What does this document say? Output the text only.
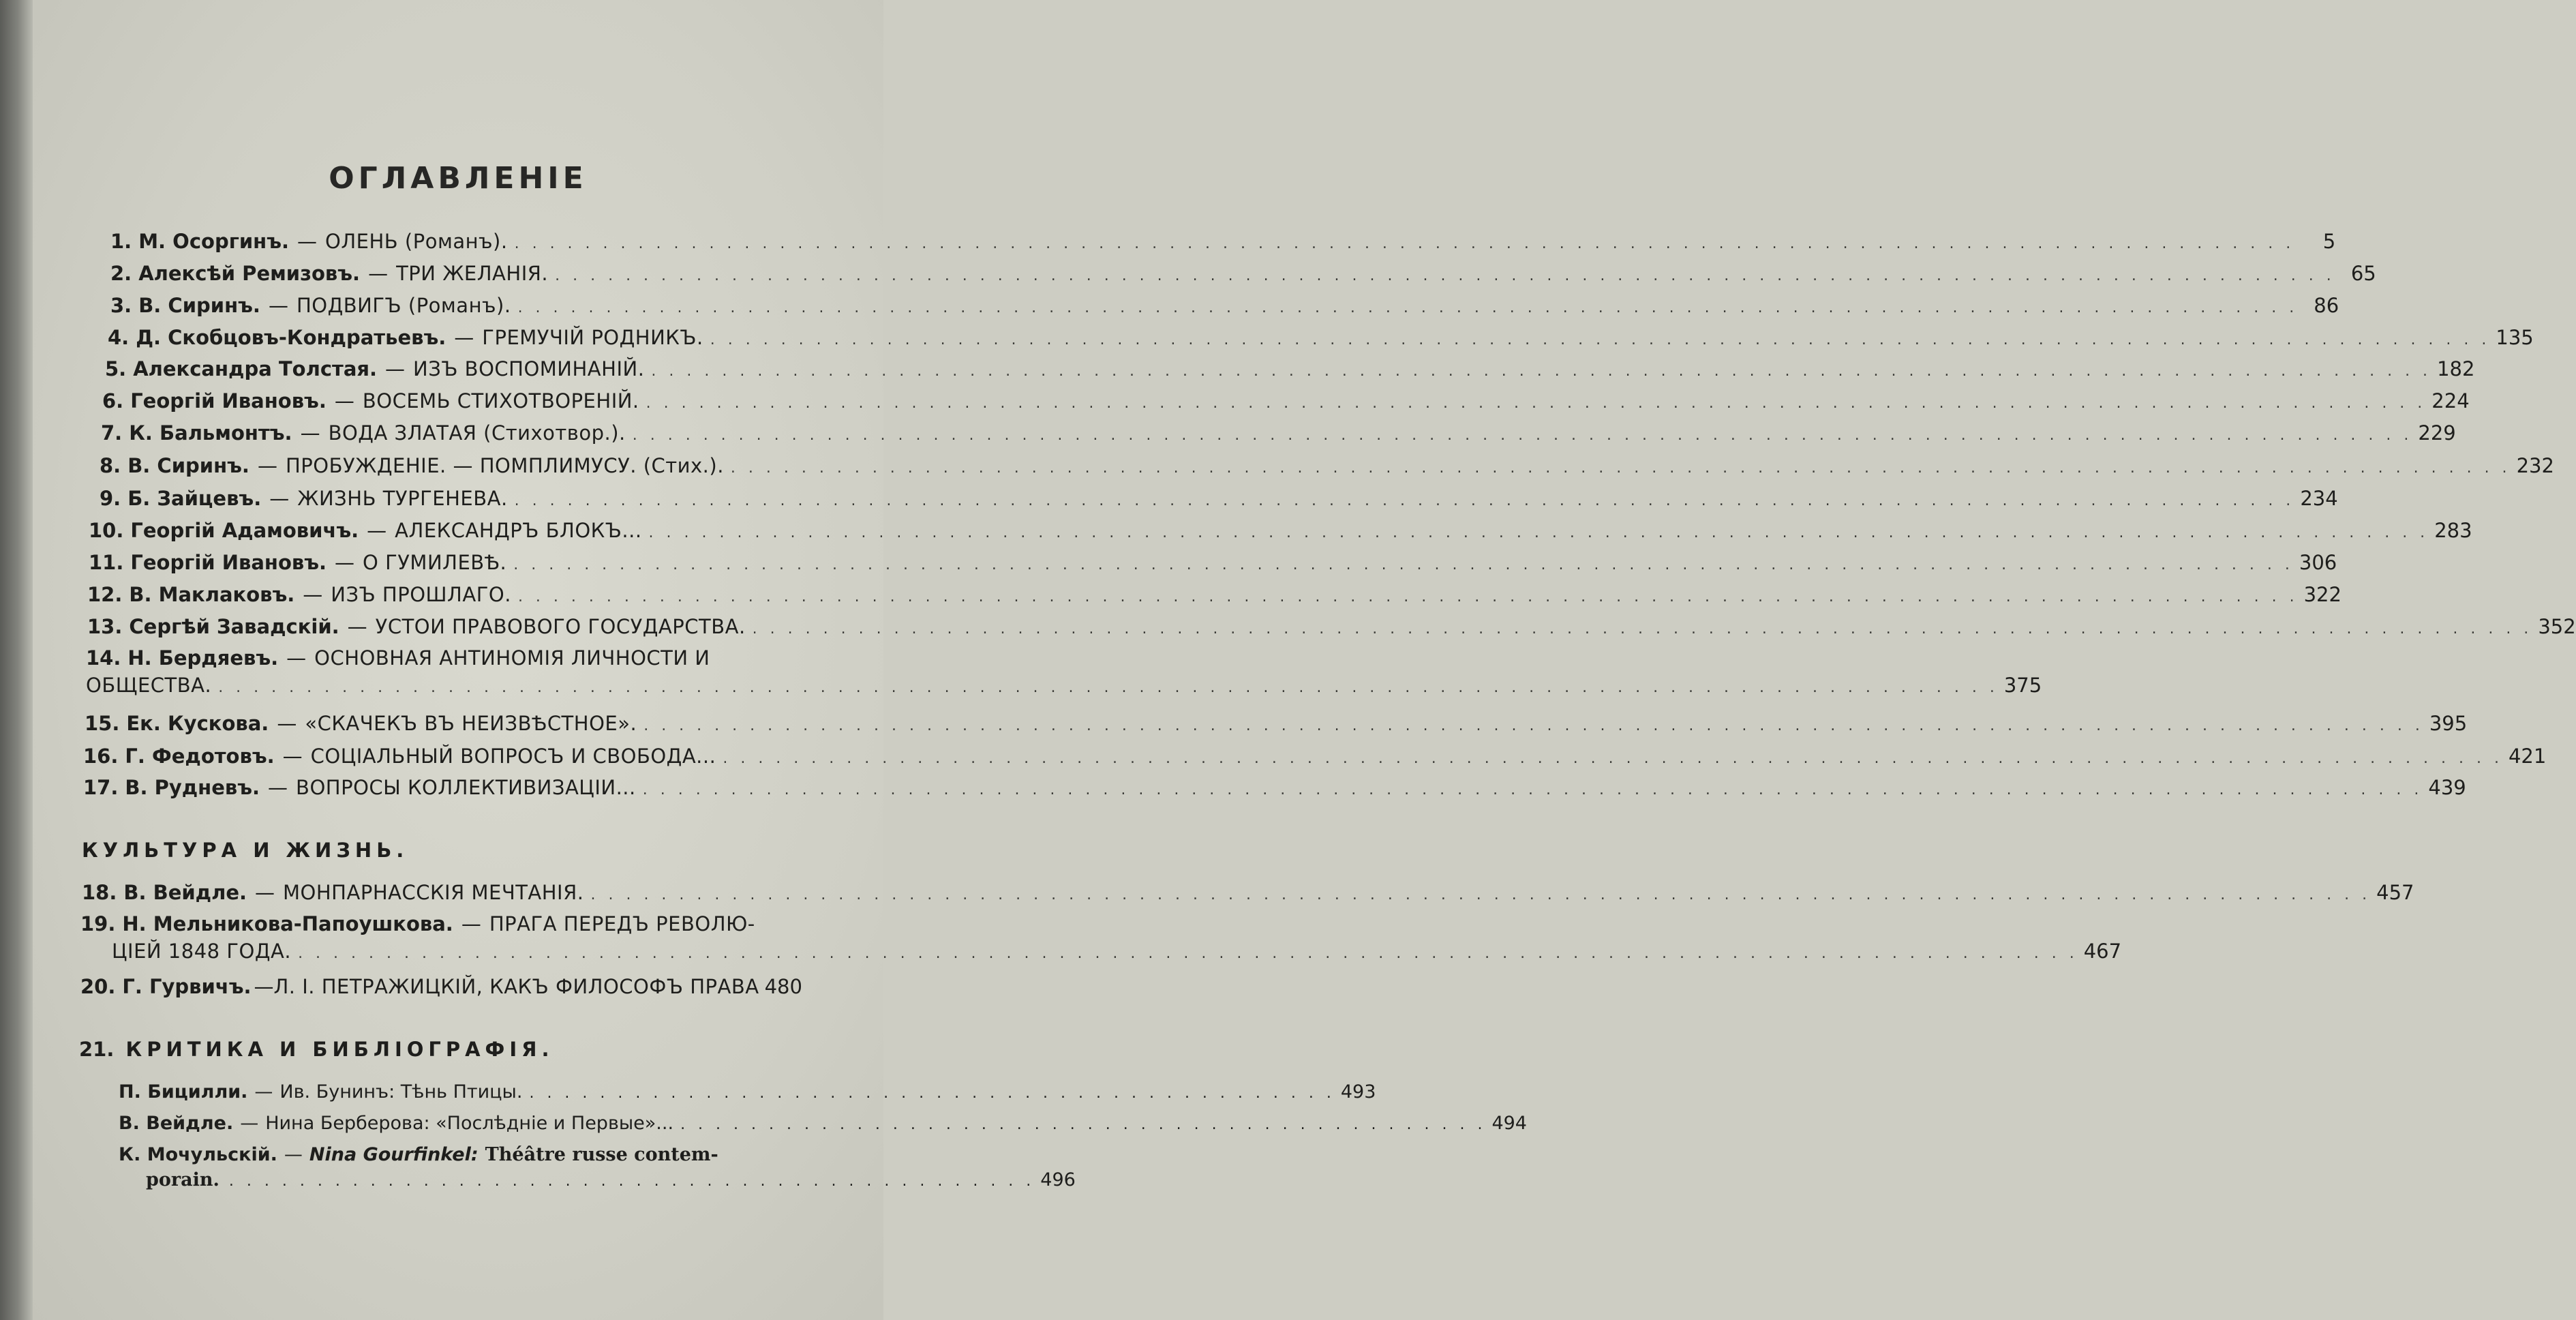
ОГЛАВЛЕНІЕ
1. М. Осоргинъ. — ОЛЕНЬ (Романъ). . . .	5
2. Алексѣй Ремизовъ. — ТРИ ЖЕЛАНІЯ. . . .	65
3. В. Сиринъ. — ПОДВИГЪ (Романъ). . . .	86
4. Д. Скобцовъ-Кондратьевъ. — ГРЕМУЧІЙ РОДНИКЪ. . . .	135
5. Александра Толстая. — ИЗЪ ВОСПОМИНАНІЙ. . . .	182
6. Георгій Ивановъ. — ВОСЕМЬ СТИХОТВОРЕНІЙ. . . .	224
7. К. Бальмонтъ. — ВОДА ЗЛАТАЯ (Стихотвор.). . . .	229
8. В. Сиринъ. — ПРОБУЖДЕНІЕ. — ПОМПЛИМУСУ. (Стих.). . . .	232
9. Б. Зайцевъ. — ЖИЗНЬ ТУРГЕНЕВА. . . .	234
10. Георгій Адамовичъ. — АЛЕКСАНДРЪ БЛОКЪ... . . .	283
11. Георгій Ивановъ. — О ГУМИЛЕВѢ. . . .	306
12. В. Маклаковъ. — ИЗЪ ПРОШЛАГО. . . .	322
13. Сергѣй Завадскій. — УСТОИ ПРАВОВОГО ГОСУДАРСТВА. . . .	352
14. Н. Бердяевъ. — ОСНОВНАЯ АНТИНОМІЯ ЛИЧНОСТИ И
ОБЩЕСТВА. . . .	375
15. Ек. Кускова. — «СКАЧЕКЪ ВЪ НЕИЗВѢСТНОЕ». . . .	395
16. Г. Федотовъ. — СОЦІАЛЬНЫЙ ВОПРОСЪ И СВОБОДА... . . .	421
17. В. Рудневъ. — ВОПРОСЫ КОЛЛЕКТИВИЗАЦІИ... . . .	439
КУЛЬТУРА И ЖИЗНЬ.
18. В. Вейдле. — МОНПАРНАССКІЯ МЕЧТАНІЯ. . . .	457
19. Н. Мельникова-Папоушкова. — ПРАГА ПЕРЕДЪ РЕВОЛЮ-
ЦІЕЙ 1848 ГОДА. . . .	467
20. Г. Гурвичъ. — Л. І. ПЕТРАЖИЦКІЙ, КАКЪ ФИЛОСОФЪ ПРАВА 480
21. КРИТИКА И БИБЛІОГРАФІЯ.
П. Бицилли. — Ив. Бунинъ: Тѣнь Птицы. . . . . . . . . . . . . . . . . . . . . . . . . . . . . . . . . . . . . . . . . . . . . . . 493
В. Вейдле. — Нина Берберова: «Послѣдніе и Первые»... . . . . . . . . . . . . . . . . . . . . . . . . . . . . . . . . . . . . . . . . . . . . . . 494
К. Мочульскій. — Nina Gourfinkel: Théâtre russe contem-
porain. . . . . . . . . . . . . . . . . . . . . . . . . . . . . . . . . . . . . . . . . . . . . . . 496
